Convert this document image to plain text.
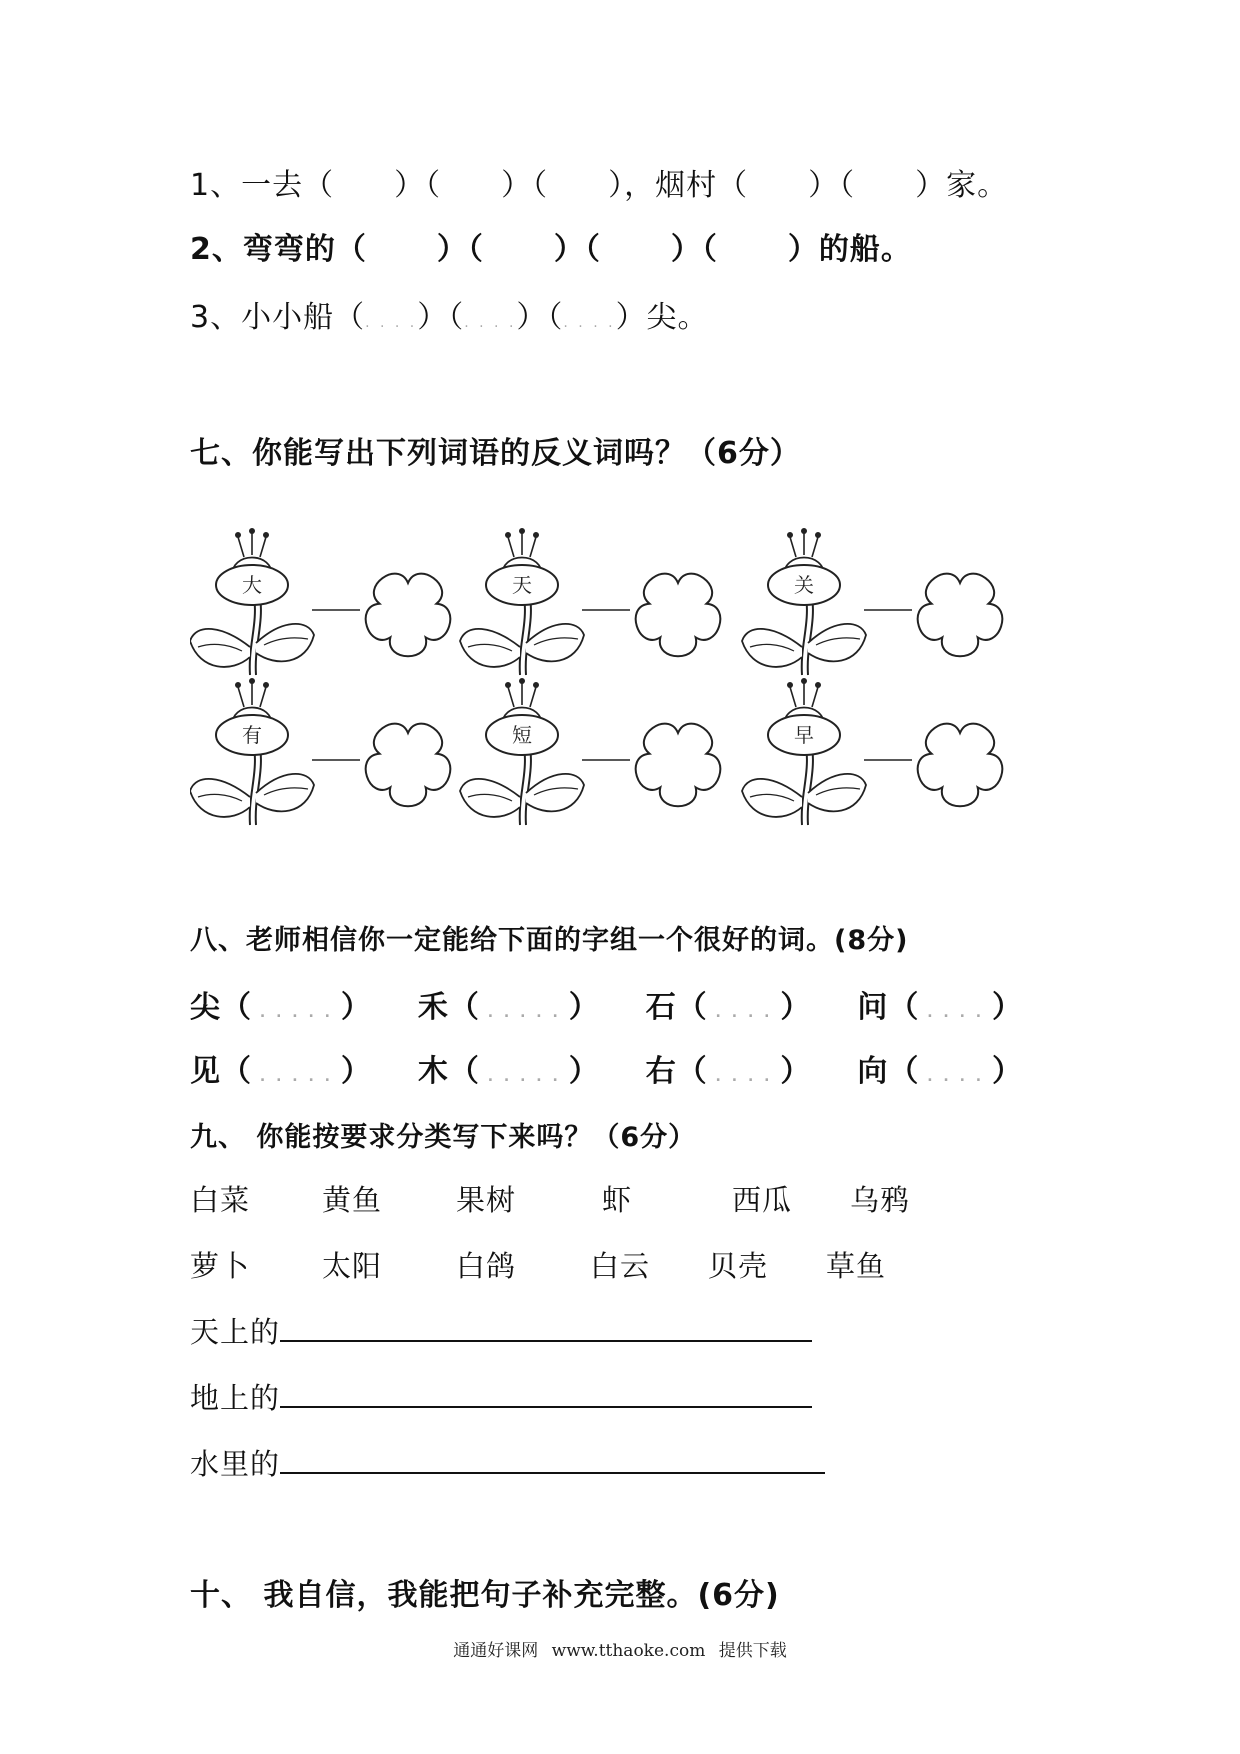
1、一去（ ）（ ）（ ），烟村（ ）（ ）家。
2、弯弯的（ ）（ ）（ ）（ ）的船。
3、小小船（. . . .）（. . . .）（. . . .）尖。
七、你能写出下列词语的反义词吗？（6分）
大	天	关
有	短	早
八、老师相信你一定能给下面的字组一个很好的词。(8分)
尖（ . . . . . ） 禾（ . . . . . ） 石（ . . . . ） 问（ . . . . ）
见（ . . . . . ） 木（ . . . . . ） 右（ . . . . ） 向（ . . . . ）
九、 你能按要求分类写下来吗？（6分）
白菜 黄鱼	果树	虾	西瓜 乌鸦
萝卜 太阳	白鸽	白云 贝壳 草鱼
天上的
地上的
水里的
十、 我自信，我能把句子补充完整。(6分)
通通好课网 www.tthaoke.com 提供下载
